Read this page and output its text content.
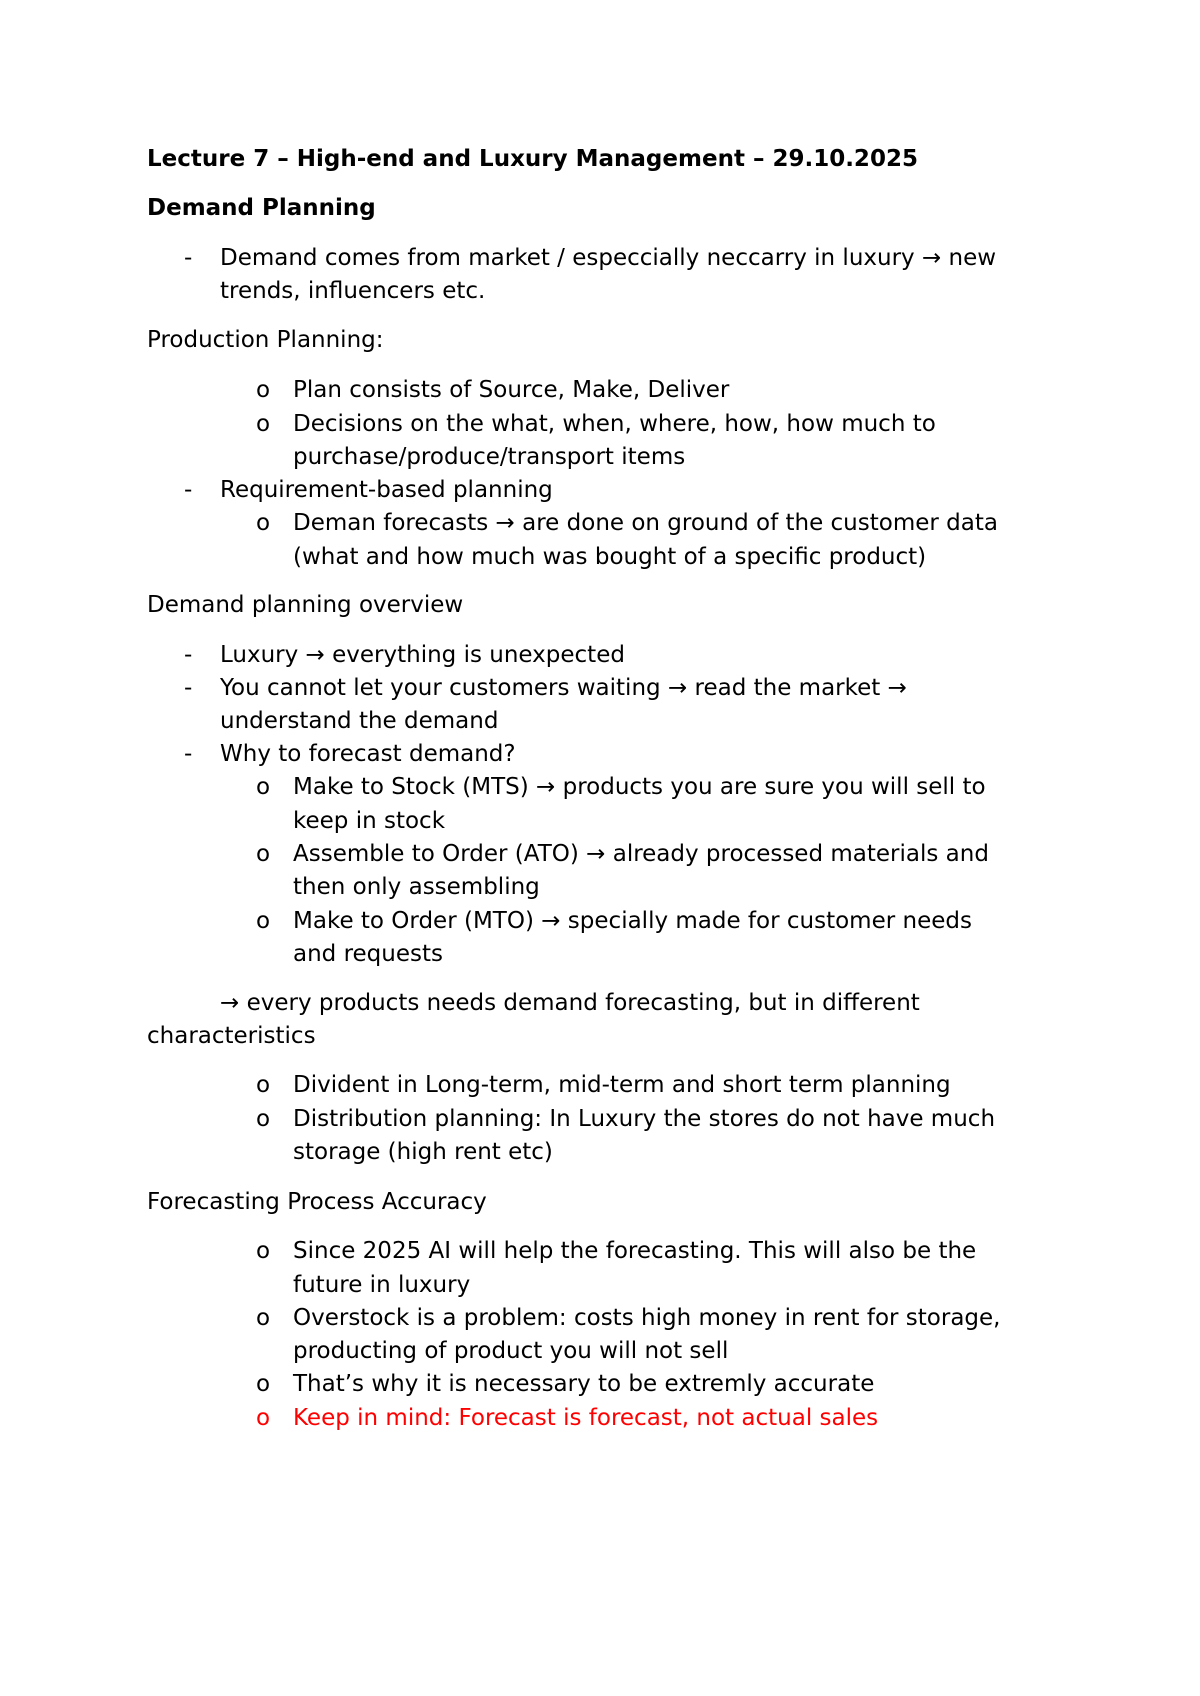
Lecture 7 – High-end and Luxury Management – 29.10.2025
Demand Planning
- Demand comes from market / especcially neccarry in luxury → new
trends, influencers etc.
Production Planning:
o Plan consists of Source, Make, Deliver
o Decisions on the what, when, where, how, how much to
purchase/produce/transport items
- Requirement-based planning
o Deman forecasts → are done on ground of the customer data
(what and how much was bought of a specific product)
Demand planning overview
- Luxury → everything is unexpected
- You cannot let your customers waiting → read the market →
understand the demand
- Why to forecast demand?
o Make to Stock (MTS) → products you are sure you will sell to
keep in stock
o Assemble to Order (ATO) → already processed materials and
then only assembling
o Make to Order (MTO) → specially made for customer needs
and requests
→ every products needs demand forecasting, but in different
characteristics
o Divident in Long-term, mid-term and short term planning
o Distribution planning: In Luxury the stores do not have much
storage (high rent etc)
Forecasting Process Accuracy
o Since 2025 AI will help the forecasting. This will also be the
future in luxury
o Overstock is a problem: costs high money in rent for storage,
producting of product you will not sell
o That’s why it is necessary to be extremly accurate
o Keep in mind: Forecast is forecast, not actual sales
